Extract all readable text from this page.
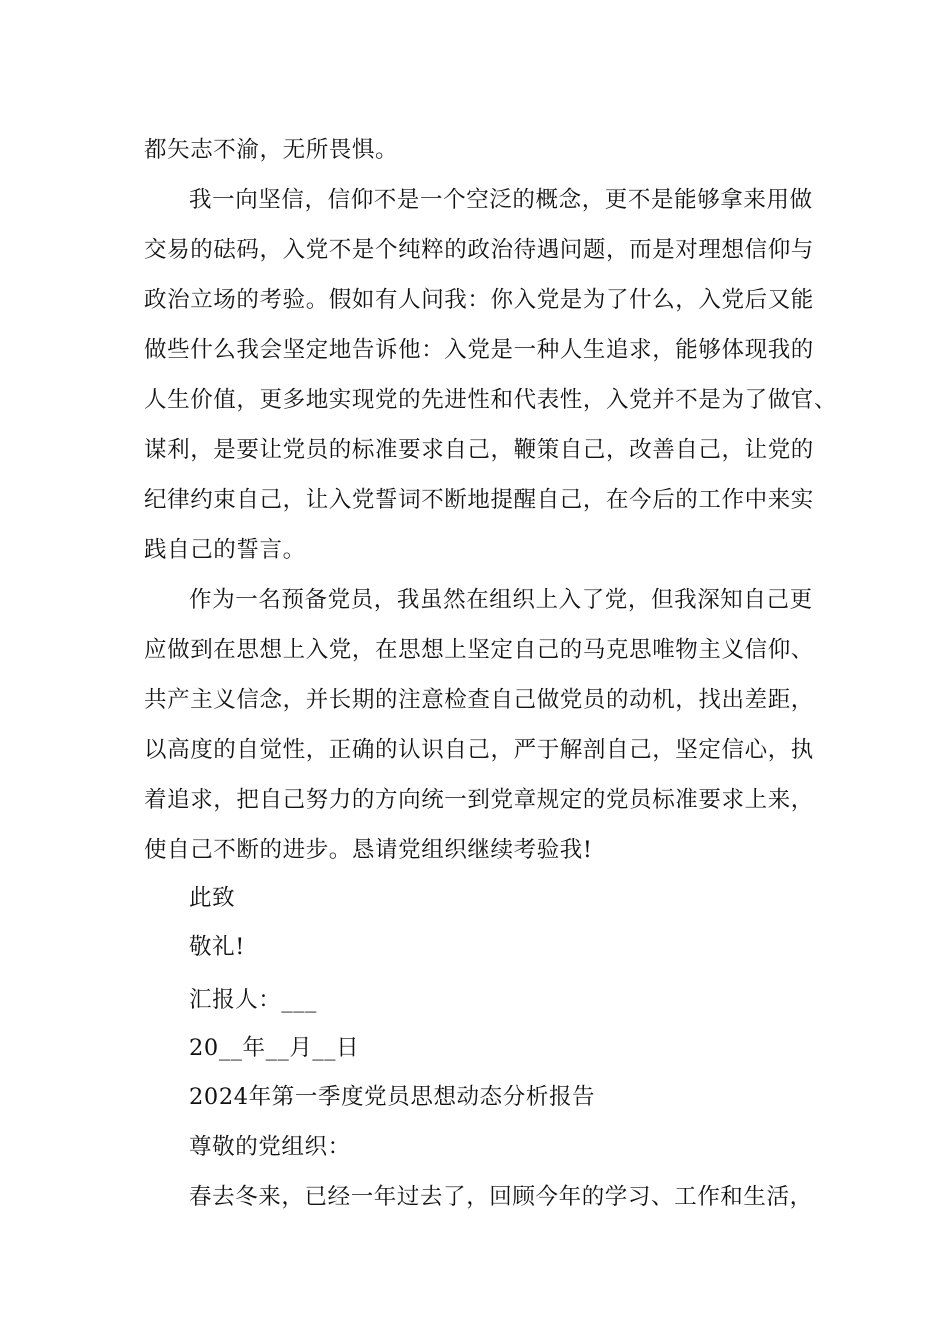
都矢志不渝，无所畏惧。
我一向坚信，信仰不是一个空泛的概念，更不是能够拿来用做
交易的砝码，入党不是个纯粹的政治待遇问题，而是对理想信仰与
政治立场的考验。假如有人问我：你入党是为了什么，入党后又能
做些什么我会坚定地告诉他：入党是一种人生追求，能够体现我的
人生价值，更多地实现党的先进性和代表性，入党并不是为了做官、
谋利，是要让党员的标准要求自己，鞭策自己，改善自己，让党的
纪律约束自己，让入党誓词不断地提醒自己，在今后的工作中来实
践自己的誓言。
作为一名预备党员，我虽然在组织上入了党，但我深知自己更
应做到在思想上入党，在思想上坚定自己的马克思唯物主义信仰、
共产主义信念，并长期的注意检查自己做党员的动机，找出差距，
以高度的自觉性，正确的认识自己，严于解剖自己，坚定信心，执
着追求，把自己努力的方向统一到党章规定的党员标准要求上来，
使自己不断的进步。恳请党组织继续考验我!
此致
敬礼!
汇报人：___
20__年__月__日
2024年第一季度党员思想动态分析报告
尊敬的党组织：
春去冬来，已经一年过去了，回顾今年的学习、工作和生活，
